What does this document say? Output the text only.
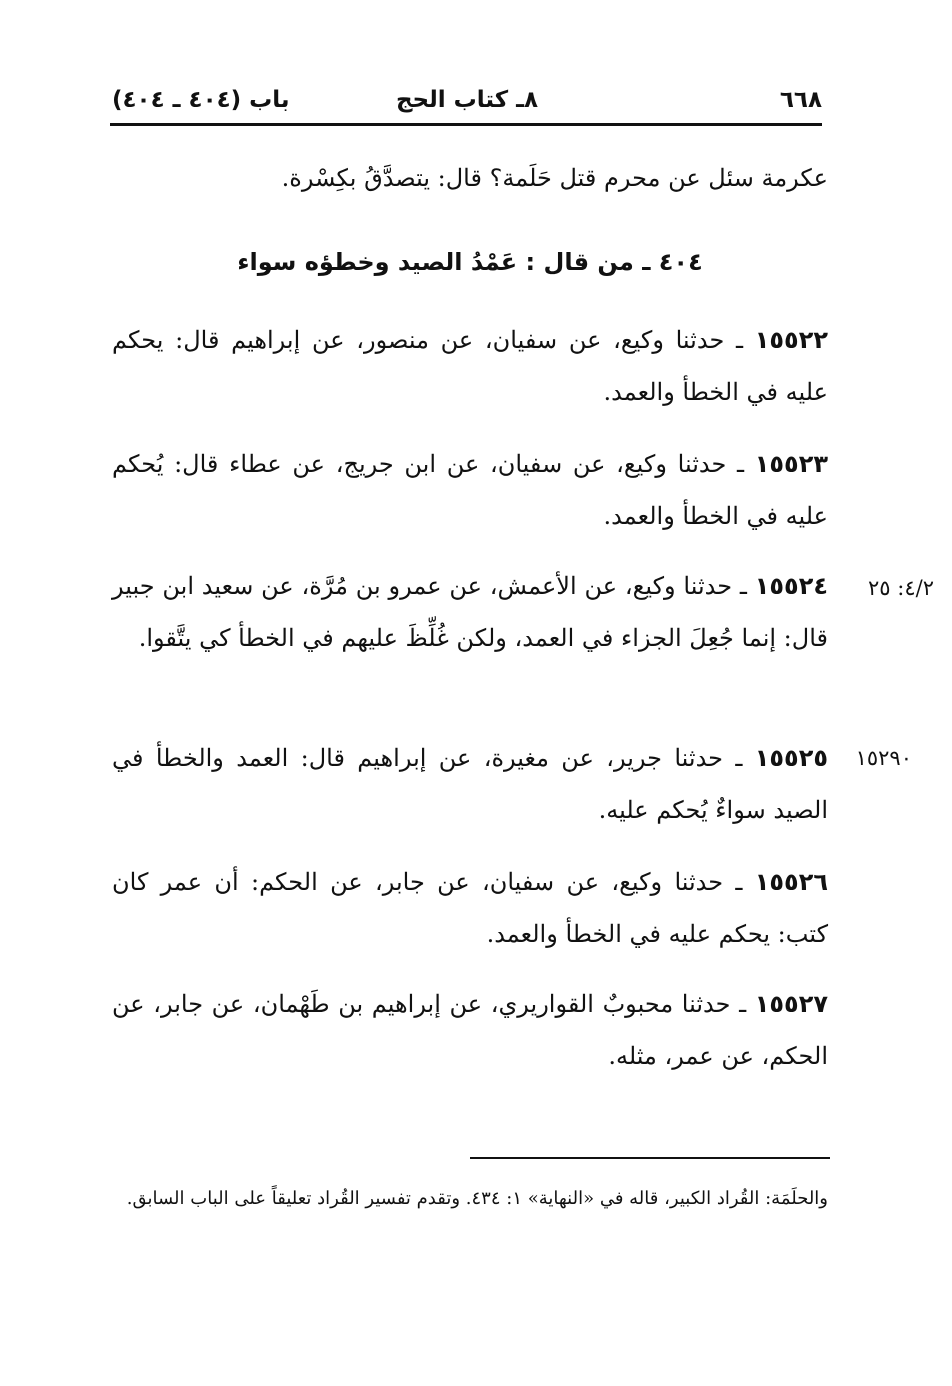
٦٦٨
٨ـ كتاب الحج
باب (٤٠٤ ـ ٤٠٤)
عكرمة سئل عن محرم قتل حَلَمة؟ قال: يتصدَّقُ بكِسْرة.
٤٠٤ ـ من قال : عَمْدُ الصيد وخطؤه سواء
١٥٥٢٢ ـ حدثنا وكيع، عن سفيان، عن منصور، عن إبراهيم قال: يحكم عليه في الخطأ والعمد.
١٥٥٢٣ ـ حدثنا وكيع، عن سفيان، عن ابن جريج، عن عطاء قال: يُحكم عليه في الخطأ والعمد.
٤/٢: ٢٥
١٥٥٢٤ ـ حدثنا وكيع، عن الأعمش، عن عمرو بن مُرَّة، عن سعيد ابن جبير قال: إنما جُعِلَ الجزاء في العمد، ولكن غُلِّظَ عليهم في الخطأ كي يتَّقوا.
١٥٢٩٠
١٥٥٢٥ ـ حدثنا جرير، عن مغيرة، عن إبراهيم قال: العمد والخطأ في الصيد سواءٌ يُحكم عليه.
١٥٥٢٦ ـ حدثنا وكيع، عن سفيان، عن جابر، عن الحكم: أن عمر كان كتب: يحكم عليه في الخطأ والعمد.
١٥٥٢٧ ـ حدثنا محبوبٌ القواريري، عن إبراهيم بن طَهْمان، عن جابر، عن الحكم، عن عمر، مثله.
والحلَمَة: القُراد الكبير، قاله في «النهاية» ١: ٤٣٤. وتقدم تفسير القُراد تعليقاً على الباب السابق.
